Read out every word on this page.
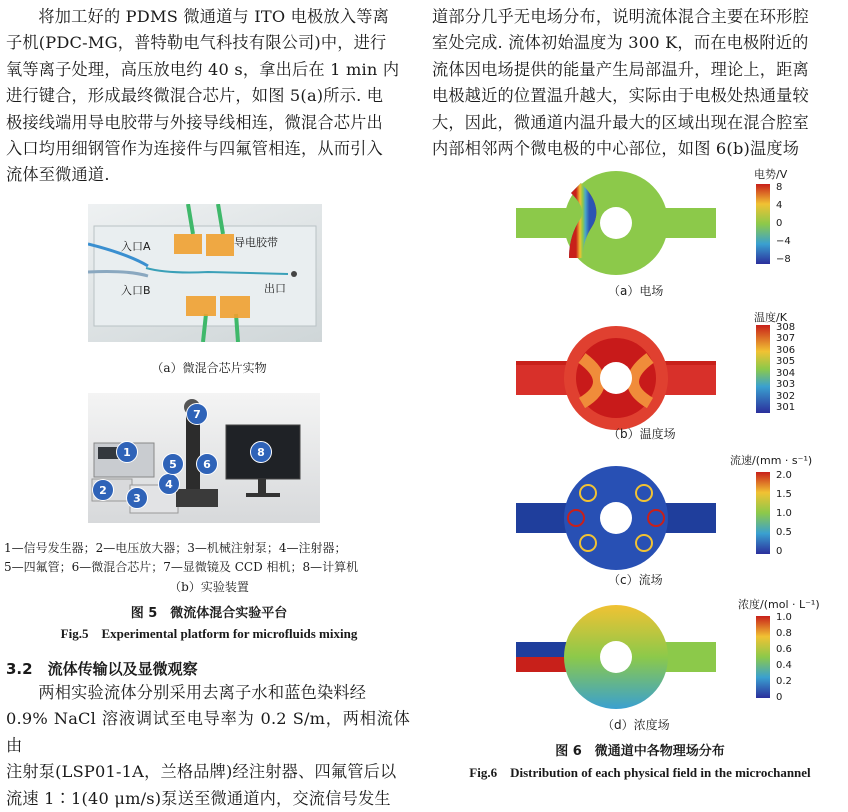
将加工好的 PDMS 微通道与 ITO 电极放入等离
子机(PDC-MG，普特勒电气科技有限公司)中，进行
氧等离子处理，高压放电约 40 s，拿出后在 1 min 内
进行键合，形成最终微混合芯片，如图 5(a)所示. 电
极接线端用导电胶带与外接导线相连，微混合芯片出
入口均用细钢管作为连接件与四氟管相连，从而引入
流体至微通道.
入口A
入口B
导电胶带
出口
（a）微混合芯片实物
1
2
3
4
5	6
7
8
1—信号发生器；2—电压放大器；3—机械注射泵；4—注射器；
5—四氟管；6—微混合芯片；7—显微镜及 CCD 相机；8—计算机
（b）实验装置
图 5　微流体混合实验平台
Fig.5　Experimental platform for microfluids mixing
3.2　流体传输以及显微观察
两相实验流体分别采用去离子水和蓝色染料经
0.9% NaCl 溶液调试至电导率为 0.2 S/m，两相流体由
注射泵(LSP01-1A，兰格品牌)经注射器、四氟管后以
流速 1∶1(40 μm/s)泵送至微通道内，交流信号发生
道部分几乎无电场分布，说明流体混合主要在环形腔
室处完成. 流体初始温度为 300 K，而在电极附近的
流体因电场提供的能量产生局部温升，理论上，距离
电极越近的位置温升越大，实际由于电极处热通量较
大，因此，微通道内温升最大的区域出现在混合腔室
内部相邻两个微电极的中心部位，如图 6(b)温度场
电势/V
8
4
0
−4
−8
（a）电场
温度/K
308
307
306
305
304
303
302
301
（b）温度场
流速/(mm · s⁻¹)
2.0
1.5
1.0
0.5
0
（c）流场
浓度/(mol · L⁻¹)
1.0
0.8
0.6
0.4
0.2
0
（d）浓度场
图 6　微通道中各物理场分布
Fig.6　Distribution of each physical field in the microchannel
